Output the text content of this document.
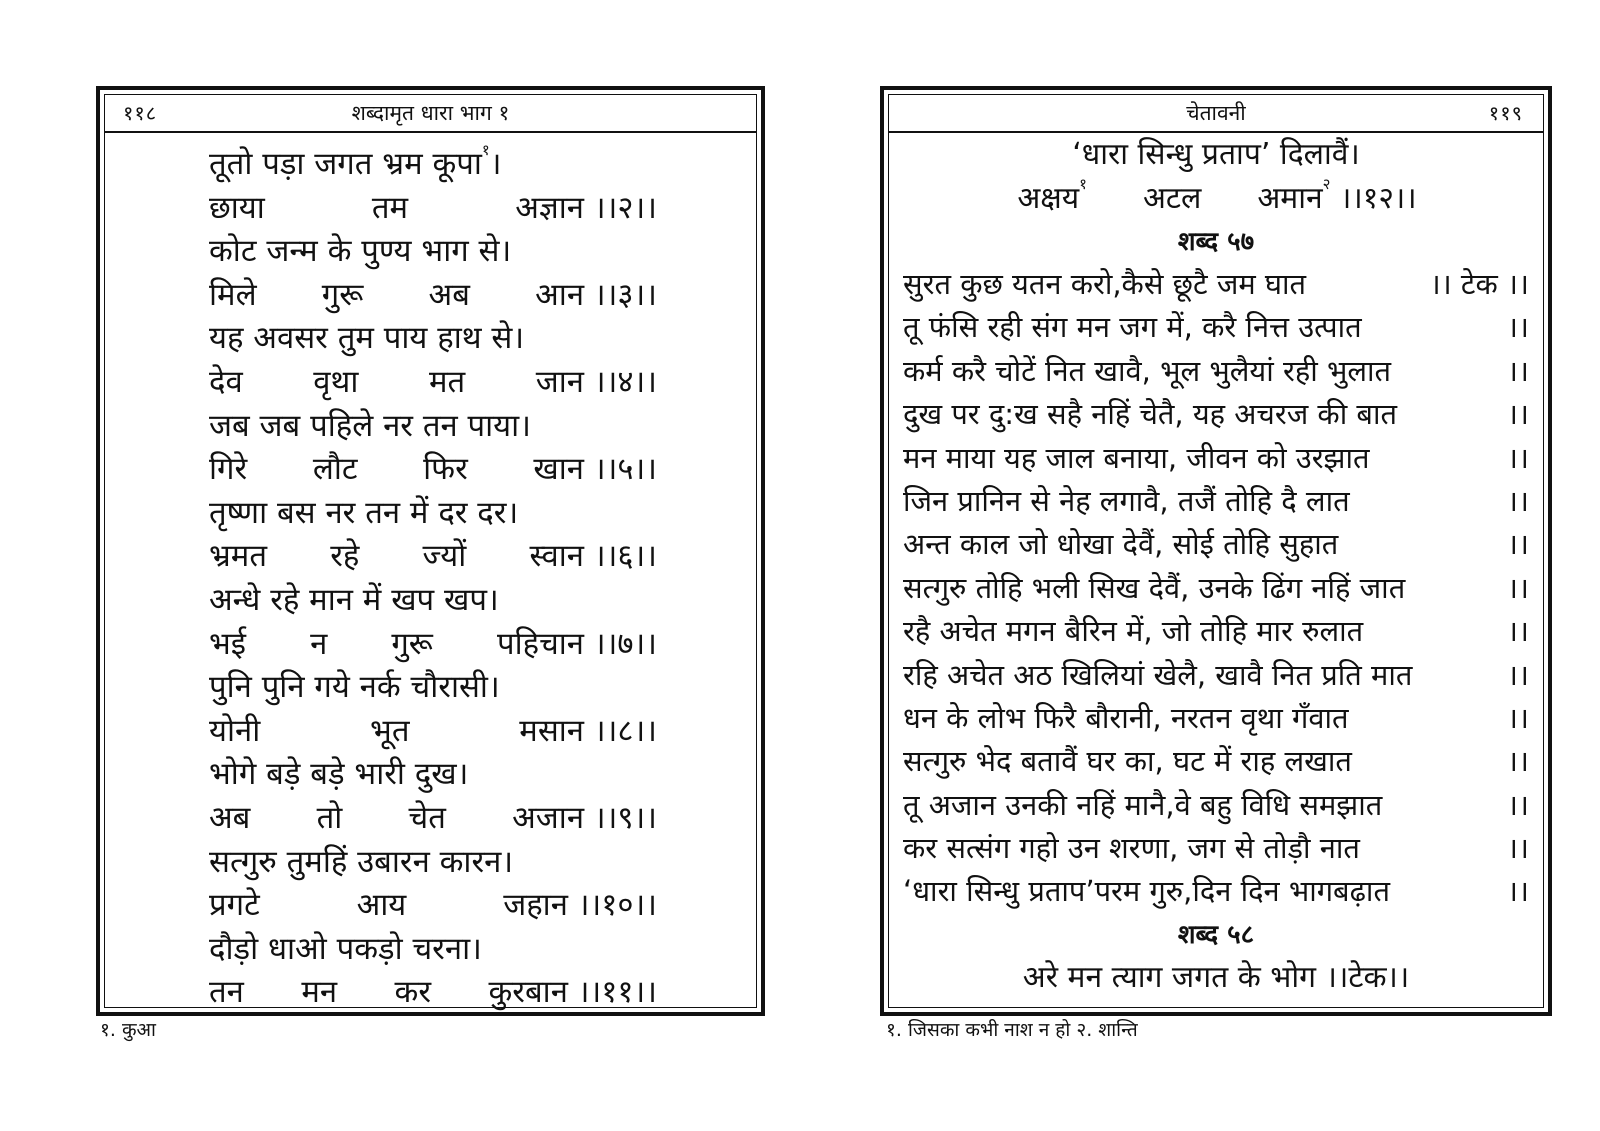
११८	शब्दामृत धारा भाग १
तूतो पड़ा जगत भ्रम कूपा$^१$।
छाया	तम	अज्ञान ।।२।।
कोट जन्म के पुण्य भाग से।
मिले गुरू अब आन ।।३।।
यह अवसर तुम पाय हाथ से।
देव वृथा मत जान ।।४।।
जब जब पहिले नर तन पाया।
गिरे लौट फिर खान ।।५।।
तृष्णा बस नर तन में दर दर।
भ्रमत रहे ज्यों स्वान ।।६।।
अन्धे रहे मान में खप खप।
भई न गुरू पहिचान ।।७।।
पुनि पुनि गये नर्क चौरासी।
योनी	भूत	मसान ।।८।।
भोगे बड़े बड़े भारी दुख।
अब तो चेत अजान ।।९।।
सत्गुरु तुमहिं उबारन कारन।
प्रगटे	आय	जहान ।।१०।।
दौड़ो धाओ पकड़ो चरना।
तन मन कर कुरबान ।।११।।
१. कुआ
चेतावनी	११९
‘धारा सिन्धु प्रताप’ दिलावैं।
अक्षय$^१$ अटल अमान$^२$ ।।१२।।
शब्द ५७
सुरत कुछ यतन करो,कैसे छूटै जम घात	।। टेक ।।
तू फंसि रही संग मन जग में, करै नित्त उत्पात	।।
कर्म करै चोटें नित खावै, भूल भुलैयां रही भुलात	।।
दुख पर दु:ख सहै नहिं चेतै, यह अचरज की बात	।।
मन माया यह जाल बनाया, जीवन को उरझात	।।
जिन प्रानिन से नेह लगावै, तजैं तोहि दै लात	।।
अन्त काल जो धोखा देवैं, सोई तोहि सुहात	।।
सत्गुरु तोहि भली सिख देवैं, उनके ढिंग नहिं जात	।।
रहै अचेत मगन बैरिन में, जो तोहि मार रुलात	।।
रहि अचेत अठ खिलियां खेलै, खावै नित प्रति मात	।।
धन के लोभ फिरै बौरानी, नरतन वृथा गँवात	।।
सत्गुरु भेद बतावैं घर का, घट में राह लखात	।।
तू अजान उनकी नहिं मानै,वे बहु विधि समझात	।।
कर सत्संग गहो उन शरणा, जग से तोड़ौ नात	।।
‘धारा सिन्धु प्रताप’परम गुरु,दिन दिन भागबढ़ात	।।
शब्द ५८
अरे मन त्याग जगत के भोग ।।टेक।।
१. जिसका कभी नाश न हो २. शान्ति
